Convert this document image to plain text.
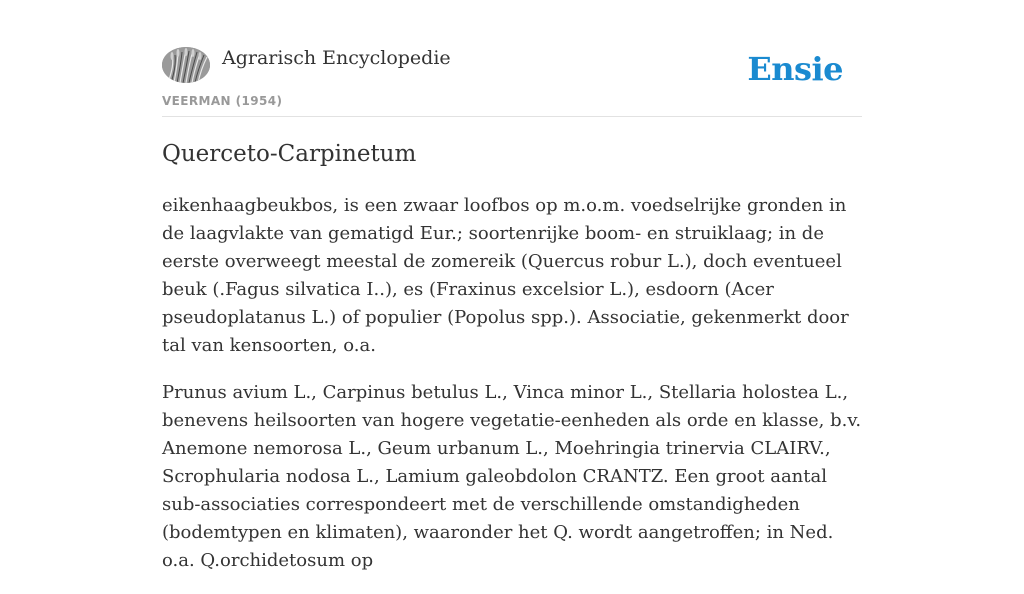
Agrarisch Encyclopedie
VEERMAN (1954)
Ensie
Querceto-Carpinetum

eikenhaagbeukbos, is een zwaar loofbos op m.o.m. voedselrijke gronden in de laagvlakte van gematigd Eur.; soortenrijke boom- en struiklaag; in de eerste overweegt meestal de zomereik (Quercus robur L.), doch eventueel beuk (.Fagus silvatica I..), es (Fraxinus excelsior L.), esdoorn (Acer pseudoplatanus L.) of populier (Popolus spp.). Associatie, gekenmerkt door tal van kensoorten, o.a.

Prunus avium L., Carpinus betulus L., Vinca minor L., Stellaria holostea L., benevens heilsoorten van hogere vegetatie-eenheden als orde en klasse, b.v. Anemone nemorosa L., Geum urbanum L., Moehringia trinervia CLAIRV., Scrophularia nodosa L., Lamium galeobdolon CRANTZ. Een groot aantal sub-associaties correspondeert met de verschillende omstandigheden (bodemtypen en klimaten), waaronder het Q. wordt aangetroffen; in Ned. o.a. Q.orchidetosum op
